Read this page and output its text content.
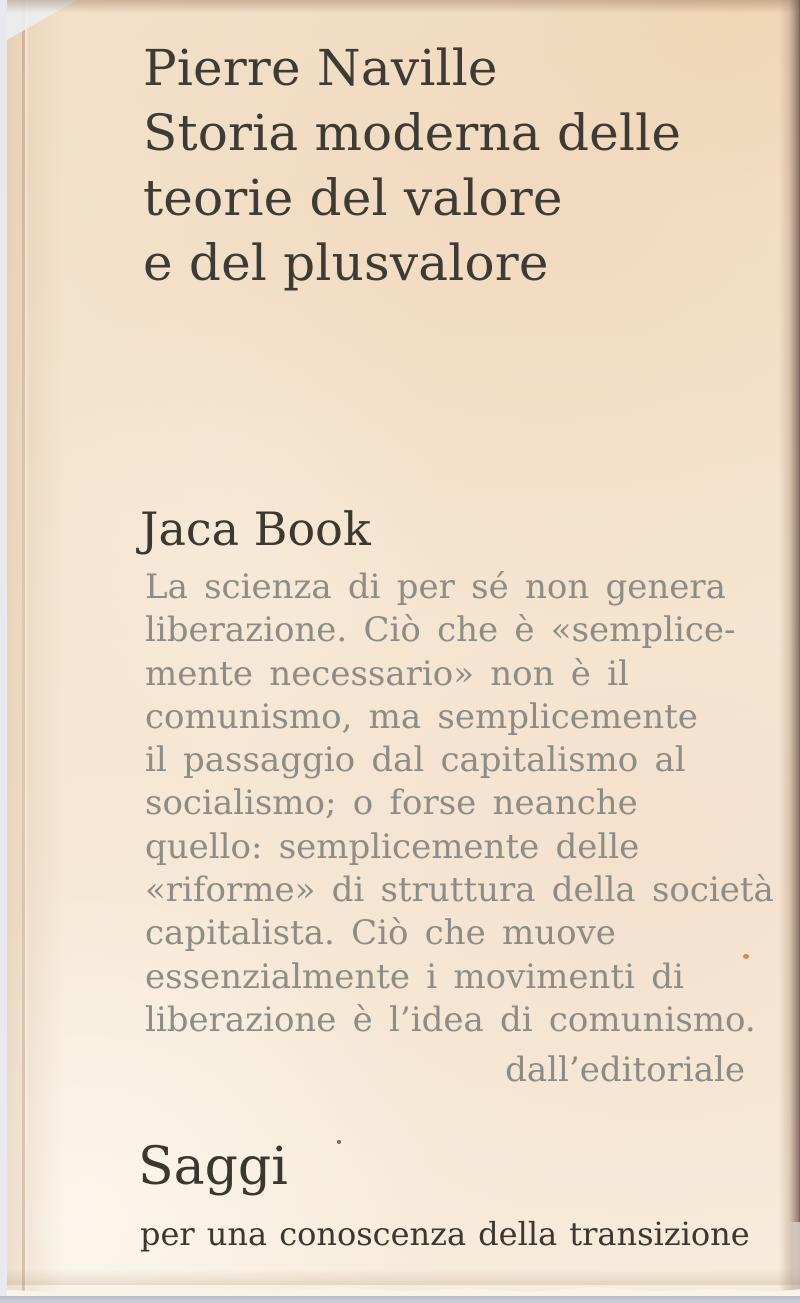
Pierre Naville
Storia moderna delle
teorie del valore
e del plusvalore
Jaca Book
La scienza di per sé non genera
liberazione. Ciò che è «semplice-
mente necessario» non è il
comunismo, ma semplicemente
il passaggio dal capitalismo al
socialismo; o forse neanche
quello: semplicemente delle
«riforme» di struttura della società
capitalista. Ciò che muove
essenzialmente i movimenti di
liberazione è l’idea di comunismo.
dall’editoriale
Saggi
per una conoscenza della transizione
